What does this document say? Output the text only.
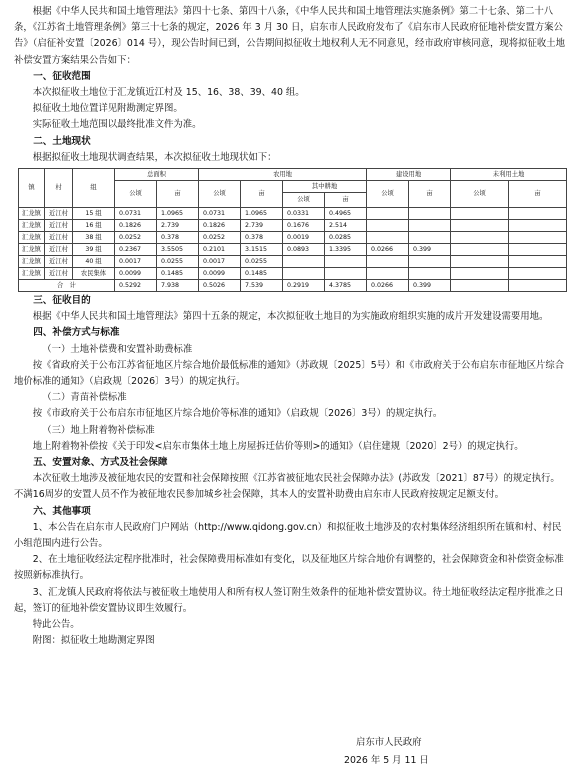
根据《中华人民共和国土地管理法》第四十七条、第四十八条，《中华人民共和国土地管理法实施条例》第二十七条、第二十八条，《江苏省土地管理条例》第三十七条的规定，2026 年 3 月 30 日，启东市人民政府发布了《启东市人民政府征地补偿安置方案公告》（启征补安置〔2026〕014 号），现公告时间已到，公告期间拟征收土地权利人无不同意见，经市政府审核同意，现将拟征收土地补偿安置方案结果公告如下：

一、征收范围

本次拟征收土地位于汇龙镇近江村及 15、16、38、39、40 组。

拟征收土地位置详见附勘测定界图。

实际征收土地范围以最终批准文件为准。

二、土地现状

根据拟征收土地现状调查结果，本次拟征收土地现状如下：

镇	村	组	总面积		农用地				建设用地		未利用土地	
			公顷	亩	公顷	亩	其中耕地		公顷	亩	公顷	亩
							公顷	亩				
汇龙镇	近江村	15 组	0.0731	1.0965	0.0731	1.0965	0.0331	0.4965				
汇龙镇	近江村	16 组	0.1826	2.739	0.1826	2.739	0.1676	2.514				
汇龙镇	近江村	38 组	0.0252	0.378	0.0252	0.378	0.0019	0.0285				
汇龙镇	近江村	39 组	0.2367	3.5505	0.2101	3.1515	0.0893	1.3395	0.0266	0.399		
汇龙镇	近江村	40 组	0.0017	0.0255	0.0017	0.0255						
汇龙镇	近江村	农民集体	0.0099	0.1485	0.0099	0.1485						
合　计			0.5292	7.938	0.5026	7.539	0.2919	4.3785	0.0266	0.399		

三、征收目的

根据《中华人民共和国土地管理法》第四十五条的规定，本次拟征收土地目的为实施政府组织实施的成片开发建设需要用地。

四、补偿方式与标准

（一）土地补偿费和安置补助费标准

按《省政府关于公布江苏省征地区片综合地价最低标准的通知》（苏政规〔2025〕5号）和《市政府关于公布启东市征地区片综合地价标准的通知》（启政规〔2026〕3号）的规定执行。

（二）青苗补偿标准

按《市政府关于公布启东市征地区片综合地价等标准的通知》（启政规〔2026〕3号）的规定执行。

（三）地上附着物补偿标准

地上附着物补偿按《关于印发<启东市集体土地上房屋拆迁估价等则>的通知》（启住建规〔2020〕2号）的规定执行。

五、安置对象、方式及社会保障

本次征收土地涉及被征地农民的安置和社会保障按照《江苏省被征地农民社会保障办法》(苏政发〔2021〕87号）的规定执行。不满16周岁的安置人员不作为被征地农民参加城乡社会保障，其本人的安置补助费由启东市人民政府按规定足额支付。

六、其他事项

1、本公告在启东市人民政府门户网站（http://www.qidong.gov.cn）和拟征收土地涉及的农村集体经济组织所在镇和村、村民小组范围内进行公告。

2、在土地征收经法定程序批准时，社会保障费用标准如有变化，以及征地区片综合地价有调整的，社会保障资金和补偿资金标准按照新标准执行。

3、汇龙镇人民政府将依法与被征收土地使用人和所有权人签订附生效条件的征地补偿安置协议。待土地征收经法定程序批准之日起，签订的征地补偿安置协议即生效履行。

特此公告。

附图：拟征收土地勘测定界图

启东市人民政府
2026 年 5 月 11 日
